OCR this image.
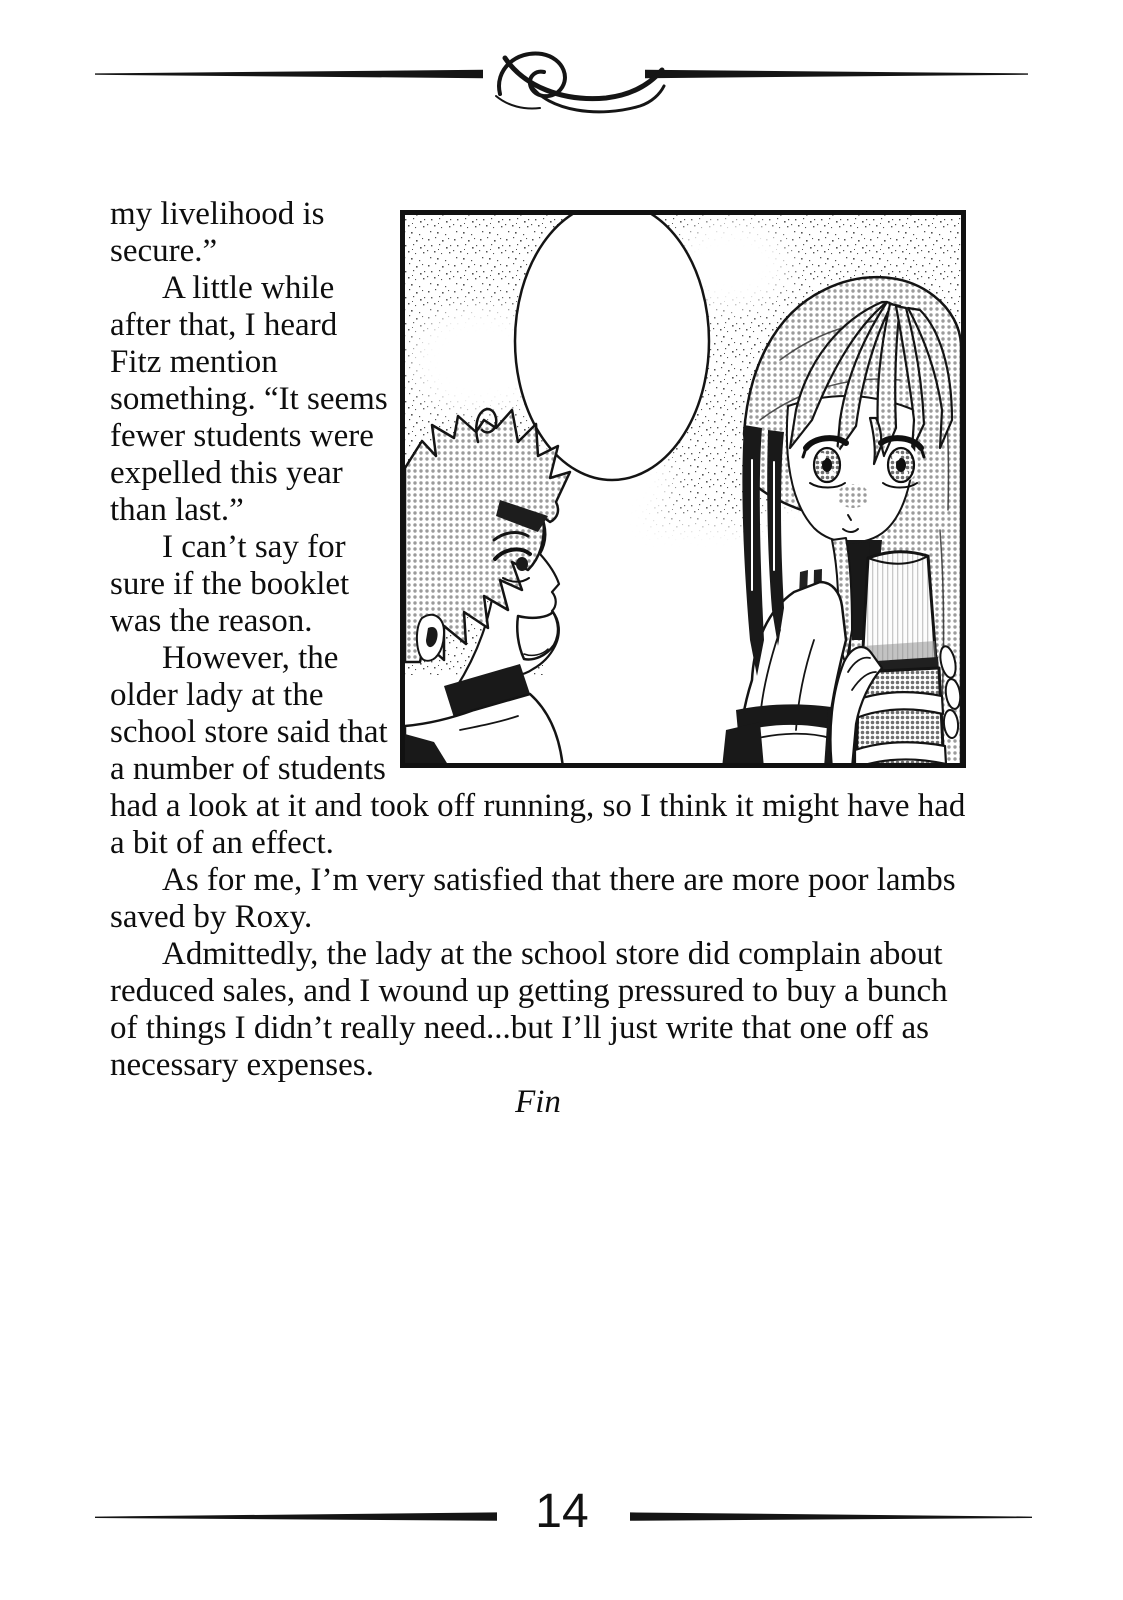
my livelihood is secure.”

A little while after that, I heard Fitz mention something. “It seems fewer students were expelled this year than last.”

I can’t say for sure if the booklet was the reason.

However, the older lady at the school store said that a number of students had a look at it and took off running, so I think it might have had a bit of an effect.

As for me, I’m very satisfied that there are more poor lambs saved by Roxy.

Admittedly, the lady at the school store did complain about reduced sales, and I wound up getting pressured to buy a bunch of things I didn’t really need...but I’ll just write that one off as necessary expenses.

Fin

14
